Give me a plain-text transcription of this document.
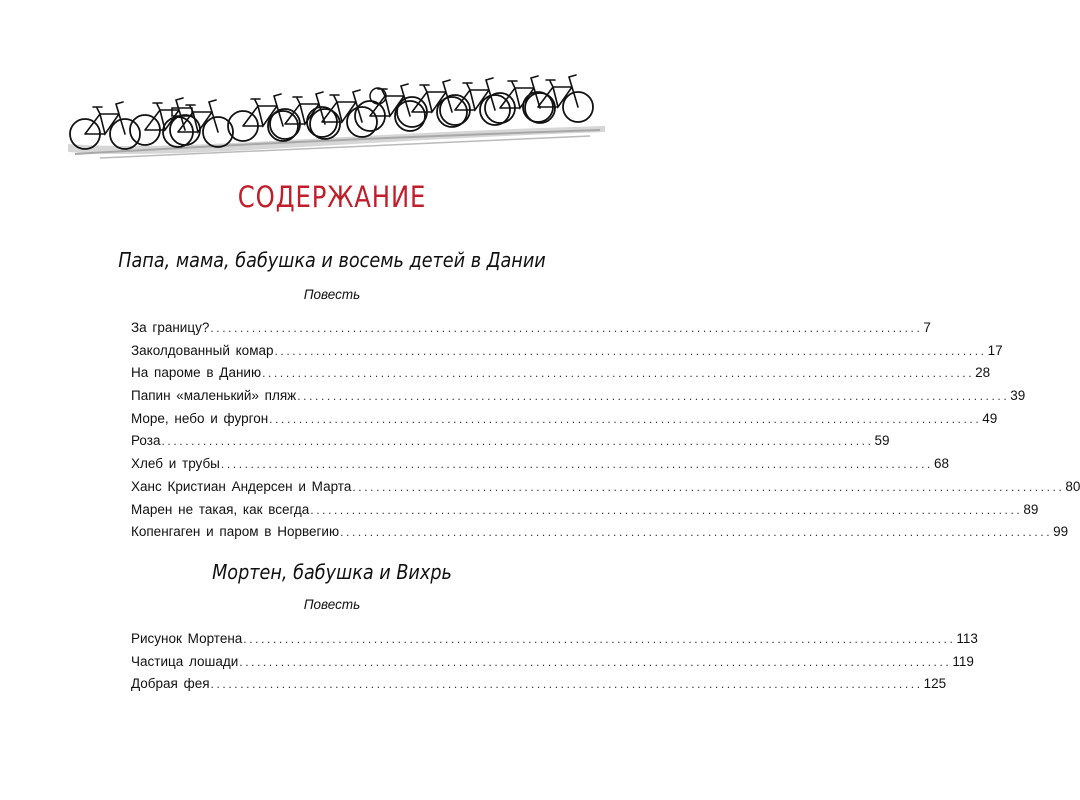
СОДЕРЖАНИЕ
Папа, мама, бабушка и восемь детей в Дании
Повесть
За границу? ........................................................................................................................ 7
Заколдованный комар ........................................................................................................................ 17
На пароме в Данию ........................................................................................................................ 28
Папин «маленький» пляж ........................................................................................................................ 39
Море, небо и фургон ........................................................................................................................ 49
Роза ........................................................................................................................ 59
Хлеб и трубы ........................................................................................................................ 68
Ханс Кристиан Андерсен и Марта ........................................................................................................................ 80
Марен не такая, как всегда ........................................................................................................................ 89
Копенгаген и паром в Норвегию ........................................................................................................................ 99
Мортен, бабушка и Вихрь
Повесть
Рисунок Мортена ........................................................................................................................ 113
Частица лошади ........................................................................................................................ 119
Добрая фея ........................................................................................................................ 125
